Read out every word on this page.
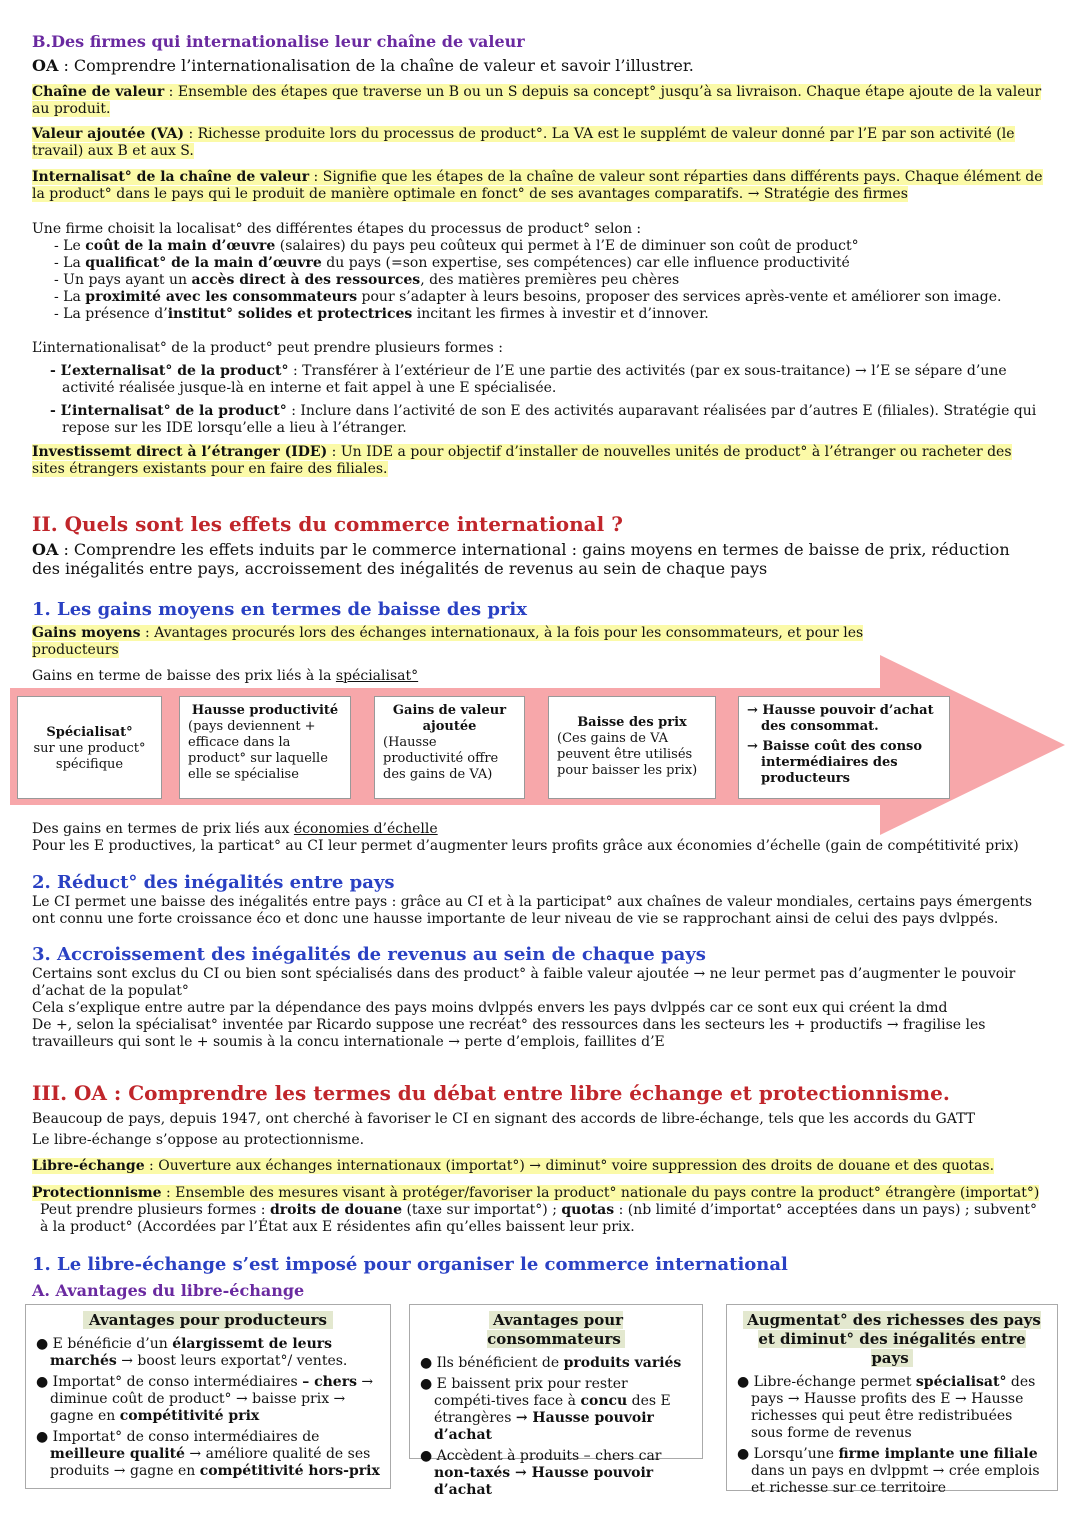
B.Des firmes qui internationalise leur chaîne de valeur
OA : Comprendre l’internationalisation de la chaîne de valeur et savoir l’illustrer.
Chaîne de valeur : Ensemble des étapes que traverse un B ou un S depuis sa concept° jusqu’à sa livraison. Chaque étape ajoute de la valeur au produit.
Valeur ajoutée (VA) : Richesse produite lors du processus de product°. La VA est le supplémt de valeur donné par l’E par son activité (le travail) aux B et aux S.
Internalisat° de la chaîne de valeur : Signifie que les étapes de la chaîne de valeur sont réparties dans différents pays. Chaque élément de la product° dans le pays qui le produit de manière optimale en fonct° de ses avantages comparatifs. → Stratégie des firmes
Une firme choisit la localisat° des différentes étapes du processus de product° selon :
- Le coût de la main d’œuvre (salaires) du pays peu coûteux qui permet à l’E de diminuer son coût de product°
- La qualificat° de la main d’œuvre du pays (=son expertise, ses compétences) car elle influence productivité
- Un pays ayant un accès direct à des ressources, des matières premières peu chères
- La proximité avec les consommateurs pour s’adapter à leurs besoins, proposer des services après-vente et améliorer son image.
- La présence d’institut° solides et protectrices incitant les firmes à investir et d’innover.
L’internationalisat° de la product° peut prendre plusieurs formes :
- L’externalisat° de la product° : Transférer à l’extérieur de l’E une partie des activités (par ex sous-traitance) → l’E se sépare d’une activité réalisée jusque-là en interne et fait appel à une E spécialisée.
- L’internalisat° de la product° : Inclure dans l’activité de son E des activités auparavant réalisées par d’autres E (filiales). Stratégie qui repose sur les IDE lorsqu’elle a lieu à l’étranger.
Investissemt direct à l’étranger (IDE) : Un IDE a pour objectif d’installer de nouvelles unités de product° à l’étranger ou racheter des sites étrangers existants pour en faire des filiales.
II. Quels sont les effets du commerce international ?
OA : Comprendre les effets induits par le commerce international : gains moyens en termes de baisse de prix, réduction des inégalités entre pays, accroissement des inégalités de revenus au sein de chaque pays
1. Les gains moyens en termes de baisse des prix
Gains moyens : Avantages procurés lors des échanges internationaux, à la fois pour les consommateurs, et pour les producteurs
Gains en terme de baisse des prix liés à la spécialisat°
Spécialisat°
sur une product° spécifique
Hausse productivité
(pays deviennent + efficace dans la product° sur laquelle elle se spécialise
Gains de valeur ajoutée
(Hausse productivité offre des gains de VA)
Baisse des prix
(Ces gains de VA peuvent être utilisés pour baisser les prix)
→ Hausse pouvoir d’achat des consommat.
→ Baisse coût des conso intermédiaires des producteurs
Des gains en termes de prix liés aux économies d’échelle
Pour les E productives, la particat° au CI leur permet d’augmenter leurs profits grâce aux économies d’échelle (gain de compétitivité prix)
2. Réduct° des inégalités entre pays
Le CI permet une baisse des inégalités entre pays : grâce au CI et à la participat° aux chaînes de valeur mondiales, certains pays émergents ont connu une forte croissance éco et donc une hausse importante de leur niveau de vie se rapprochant ainsi de celui des pays dvlppés.
3. Accroissement des inégalités de revenus au sein de chaque pays
Certains sont exclus du CI ou bien sont spécialisés dans des product° à faible valeur ajoutée → ne leur permet pas d’augmenter le pouvoir d’achat de la populat°
Cela s’explique entre autre par la dépendance des pays moins dvlppés envers les pays dvlppés car ce sont eux qui créent la dmd
De +, selon la spécialisat° inventée par Ricardo suppose une recréat° des ressources dans les secteurs les + productifs → fragilise les travailleurs qui sont le + soumis à la concu internationale → perte d’emplois, faillites d’E
III. OA : Comprendre les termes du débat entre libre échange et protectionnisme.
Beaucoup de pays, depuis 1947, ont cherché à favoriser le CI en signant des accords de libre-échange, tels que les accords du GATT
Le libre-échange s’oppose au protectionnisme.
Libre-échange : Ouverture aux échanges internationaux (importat°) → diminut° voire suppression des droits de douane et des quotas.
Protectionnisme : Ensemble des mesures visant à protéger/favoriser la product° nationale du pays contre la product° étrangère (importat°)
Peut prendre plusieurs formes : droits de douane (taxe sur importat°) ; quotas : (nb limité d’importat° acceptées dans un pays) ; subvent° à la product° (Accordées par l’État aux E résidentes afin qu’elles baissent leur prix.
1. Le libre-échange s’est imposé pour organiser le commerce international
A. Avantages du libre-échange
Avantages pour producteurs
● E bénéficie d’un élargissemt de leurs marchés → boost leurs exportat°/ ventes.
● Importat° de conso intermédiaires – chers → diminue coût de product° → baisse prix → gagne en compétitivité prix
● Importat° de conso intermédiaires de meilleure qualité → améliore qualité de ses produits → gagne en compétitivité hors-prix
Avantages pour consommateurs
● Ils bénéficient de produits variés
● E baissent prix pour rester compéti-tives face à concu des E étrangères → Hausse pouvoir d’achat
● Accèdent à produits – chers car non-taxés → Hausse pouvoir d’achat
Augmentat° des richesses des pays et diminut° des inégalités entre pays
● Libre-échange permet spécialisat° des pays → Hausse profits des E → Hausse richesses qui peut être redistribuées sous forme de revenus
● Lorsqu’une firme implante une filiale dans un pays en dvlppmt → crée emplois et richesse sur ce territoire
